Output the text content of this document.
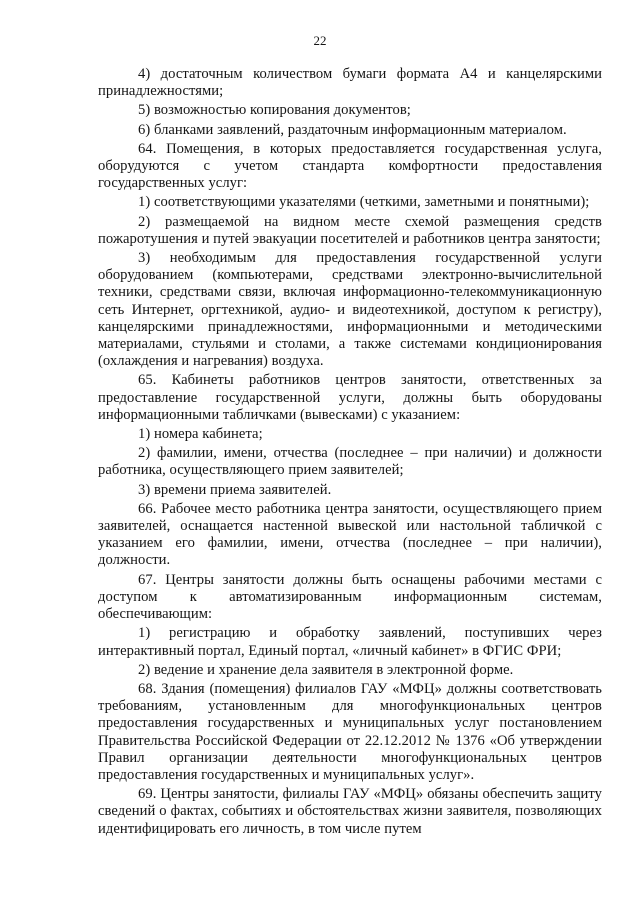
22

4) достаточным количеством бумаги формата А4 и канцелярскими принадлежностями;

5) возможностью копирования документов;

6) бланками заявлений, раздаточным информационным материалом.

64. Помещения, в которых предоставляется государственная услуга, оборудуются с учетом стандарта комфортности предоставления государственных услуг:

1) соответствующими указателями (четкими, заметными и понятными);

2) размещаемой на видном месте схемой размещения средств пожаротушения и путей эвакуации посетителей и работников центра занятости;

3) необходимым для предоставления государственной услуги оборудованием (компьютерами, средствами электронно-вычислительной техники, средствами связи, включая информационно-телекоммуникационную сеть Интернет, оргтехникой, аудио- и видеотехникой, доступом к регистру), канцелярскими принадлежностями, информационными и методическими материалами, стульями и столами, а также системами кондиционирования (охлаждения и нагревания) воздуха.

65. Кабинеты работников центров занятости, ответственных за предоставление государственной услуги, должны быть оборудованы информационными табличками (вывесками) с указанием:

1) номера кабинета;

2) фамилии, имени, отчества (последнее – при наличии) и должности работника, осуществляющего прием заявителей;

3) времени приема заявителей.

66. Рабочее место работника центра занятости, осуществляющего прием заявителей, оснащается настенной вывеской или настольной табличкой с указанием его фамилии, имени, отчества (последнее – при наличии), должности.

67. Центры занятости должны быть оснащены рабочими местами с доступом к автоматизированным информационным системам, обеспечивающим:

1) регистрацию и обработку заявлений, поступивших через интерактивный портал, Единый портал, «личный кабинет» в ФГИС ФРИ;

2) ведение и хранение дела заявителя в электронной форме.

68. Здания (помещения) филиалов ГАУ «МФЦ» должны соответствовать требованиям, установленным для многофункциональных центров предоставления государственных и муниципальных услуг постановлением Правительства Российской Федерации от 22.12.2012 № 1376 «Об утверждении Правил организации деятельности многофункциональных центров предоставления государственных и муниципальных услуг».

69. Центры занятости, филиалы ГАУ «МФЦ» обязаны обеспечить защиту сведений о фактах, событиях и обстоятельствах жизни заявителя, позволяющих идентифицировать его личность, в том числе путем
